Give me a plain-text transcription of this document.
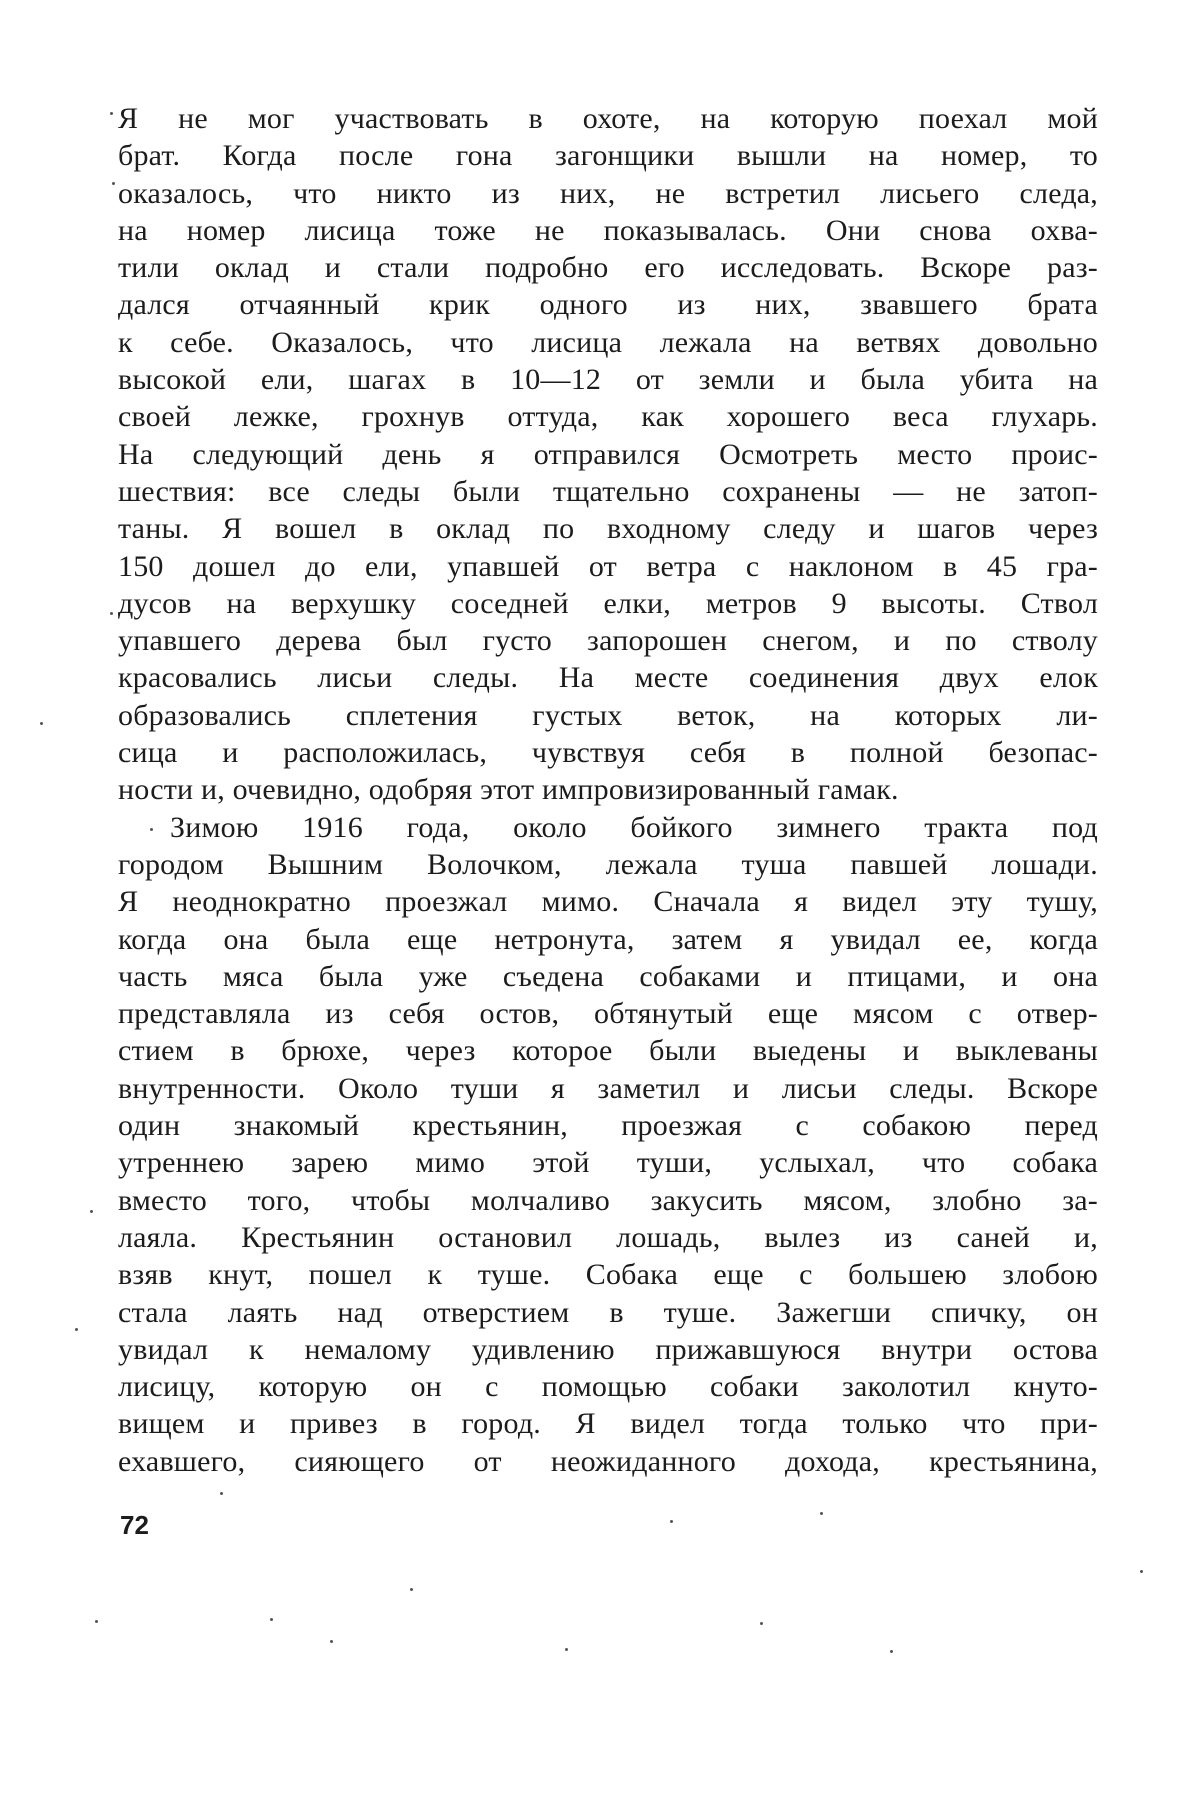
Я не мог участвовать в охоте, на которую поехал мой
брат. Когда после гона загонщики вышли на номер, то
оказалось, что никто из них, не встретил лисьего следа,
на номер лисица тоже не показывалась. Они снова охва-
тили оклад и стали подробно его исследовать. Вскоре раз-
дался отчаянный крик одного из них, звавшего брата
к себе. Оказалось, что лисица лежала на ветвях довольно
высокой ели, шагах в 10—12 от земли и была убита на
своей лежке, грохнув оттуда, как хорошего веса глухарь.
На следующий день я отправился Осмотреть место проис-
шествия: все следы были тщательно сохранены — не затоп-
таны. Я вошел в оклад по входному следу и шагов через
150 дошел до ели, упавшей от ветра с наклоном в 45 гра-
дусов на верхушку соседней елки, метров 9 высоты. Ствол
упавшего дерева был густо запорошен снегом, и по стволу
красовались лисьи следы. На месте соединения двух елок
образовались сплетения густых веток, на которых ли-
сица и расположилась, чувствуя себя в полной безопас-
ности и, очевидно, одобряя этот импровизированный гамак.
Зимою 1916 года, около бойкого зимнего тракта под
городом Вышним Волочком, лежала туша павшей лошади.
Я неоднократно проезжал мимо. Сначала я видел эту тушу,
когда она была еще нетронута, затем я увидал ее, когда
часть мяса была уже съедена собаками и птицами, и она
представляла из себя остов, обтянутый еще мясом с отвер-
стием в брюхе, через которое были выедены и выклеваны
внутренности. Около туши я заметил и лисьи следы. Вскоре
один знакомый крестьянин, проезжая с собакою перед
утреннею зарею мимо этой туши, услыхал, что собака
вместо того, чтобы молчаливо закусить мясом, злобно за-
лаяла. Крестьянин остановил лошадь, вылез из саней и,
взяв кнут, пошел к туше. Собака еще с большею злобою
стала лаять над отверстием в туше. Зажегши спичку, он
увидал к немалому удивлению прижавшуюся внутри остова
лисицу, которую он с помощью собаки заколотил кнуто-
вищем и привез в город. Я видел тогда только что при-
ехавшего, сияющего от неожиданного дохода, крестьянина,
72
